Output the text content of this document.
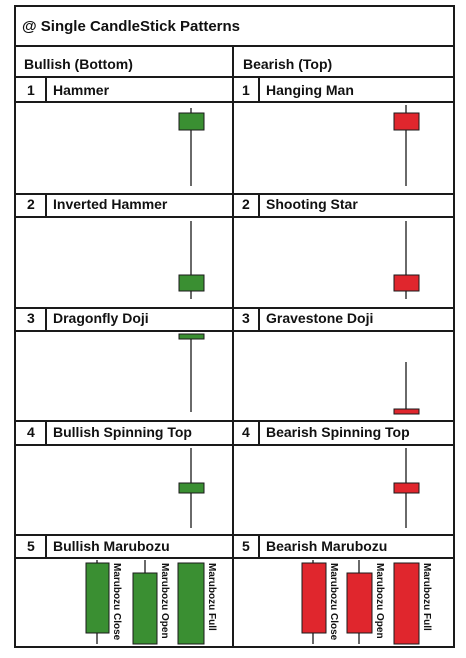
@ Single CandleStick Patterns
Bullish (Bottom)	Bearish (Top)
1 Hammer	1 Hanging Man
2 Inverted Hammer	2 Shooting Star
3 Dragonfly Doji	3 Gravestone Doji
4 Bullish Spinning Top	4 Bearish Spinning Top
5 Bullish Marubozu	5 Bearish Marubozu
Marubozu Close	Marubozu Open	Marubozu Full	Marubozu Close	Marubozu Open	Marubozu Full
